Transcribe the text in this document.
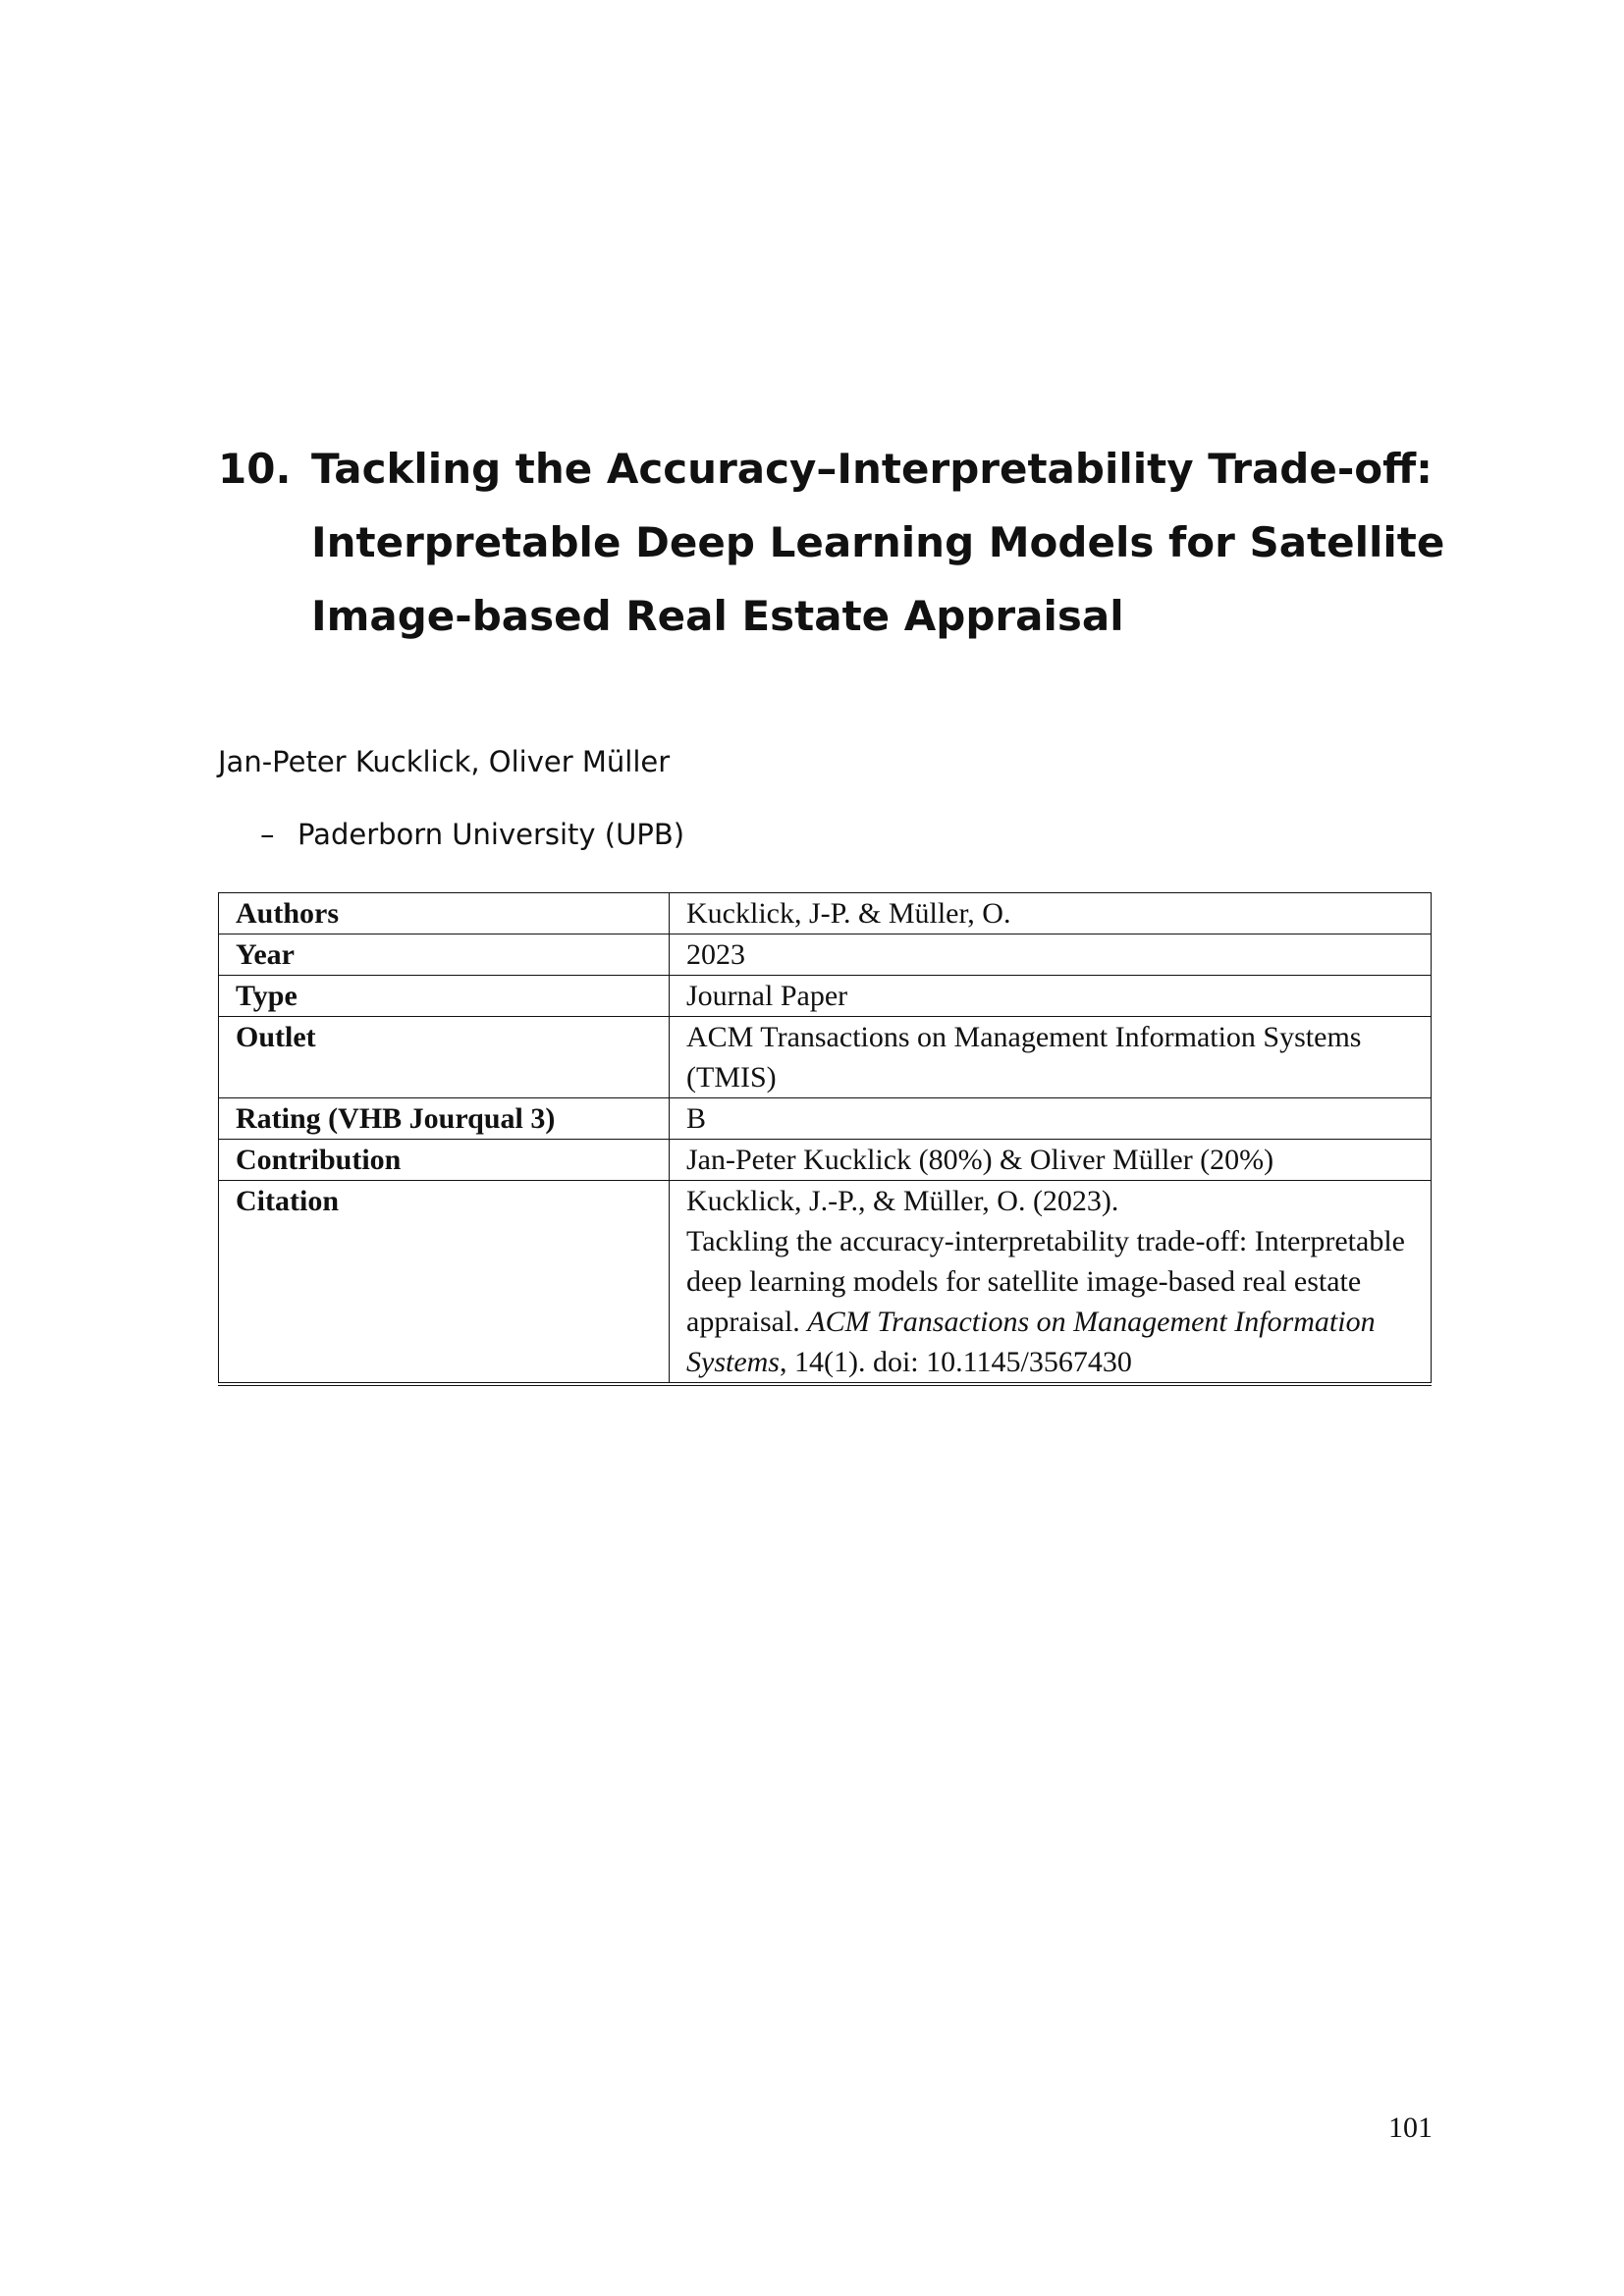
10. Tackling the Accuracy–Interpretability Trade-off: Interpretable Deep Learning Models for Satellite Image-based Real Estate Appraisal

Jan-Peter Kucklick, Oliver Müller

– Paderborn University (UPB)

Authors	Kucklick, J-P. & Müller, O.
Year	2023
Type	Journal Paper
Outlet	ACM Transactions on Management Information Systems (TMIS)
Rating (VHB Jourqual 3)	B
Contribution	Jan-Peter Kucklick (80%) & Oliver Müller (20%)
Citation	Kucklick, J.-P., & Müller, O. (2023).
Tackling the accuracy-interpretability trade-off: Interpretable deep learning models for satellite image-based real estate appraisal. ACM Transactions on Management Information Systems, 14(1). doi: 10.1145/3567430

101
